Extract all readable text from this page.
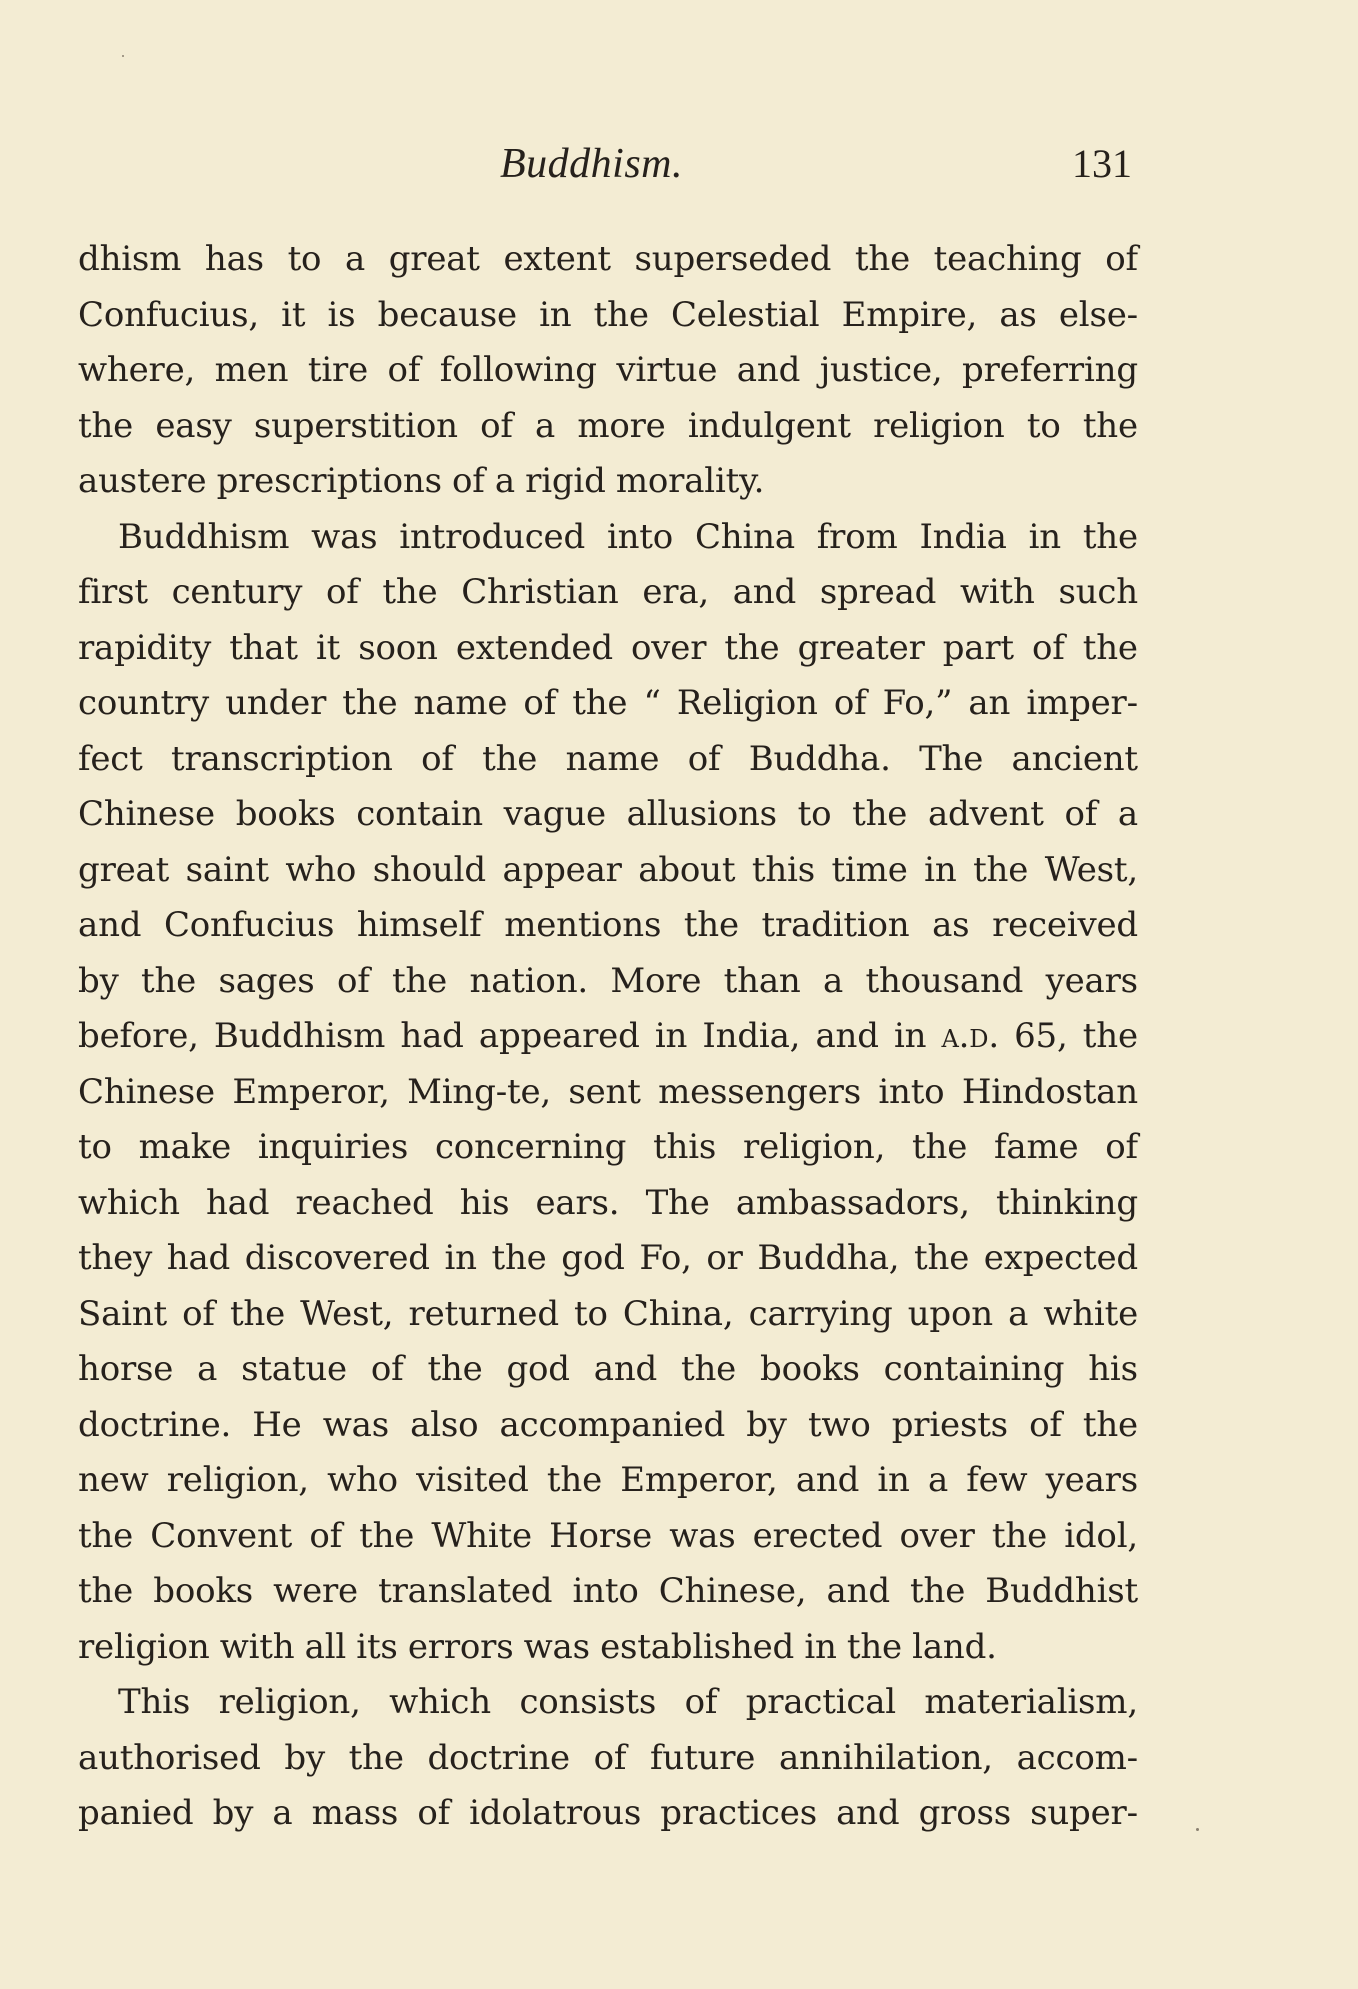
Buddhism.	131
dhism has to a great extent superseded the teaching of
Confucius, it is because in the Celestial Empire, as else-
where, men tire of following virtue and justice, preferring
the easy superstition of a more indulgent religion to the
austere prescriptions of a rigid morality.
Buddhism was introduced into China from India in the
first century of the Christian era, and spread with such
rapidity that it soon extended over the greater part of the
country under the name of the “ Religion of Fo,” an imper-
fect transcription of the name of Buddha. The ancient
Chinese books contain vague allusions to the advent of a
great saint who should appear about this time in the West,
and Confucius himself mentions the tradition as received
by the sages of the nation. More than a thousand years
before, Buddhism had appeared in India, and in a.d. 65, the
Chinese Emperor, Ming-te, sent messengers into Hindostan
to make inquiries concerning this religion, the fame of
which had reached his ears. The ambassadors, thinking
they had discovered in the god Fo, or Buddha, the expected
Saint of the West, returned to China, carrying upon a white
horse a statue of the god and the books containing his
doctrine. He was also accompanied by two priests of the
new religion, who visited the Emperor, and in a few years
the Convent of the White Horse was erected over the idol,
the books were translated into Chinese, and the Buddhist
religion with all its errors was established in the land.
This religion, which consists of practical materialism,
authorised by the doctrine of future annihilation, accom-
panied by a mass of idolatrous practices and gross super-
